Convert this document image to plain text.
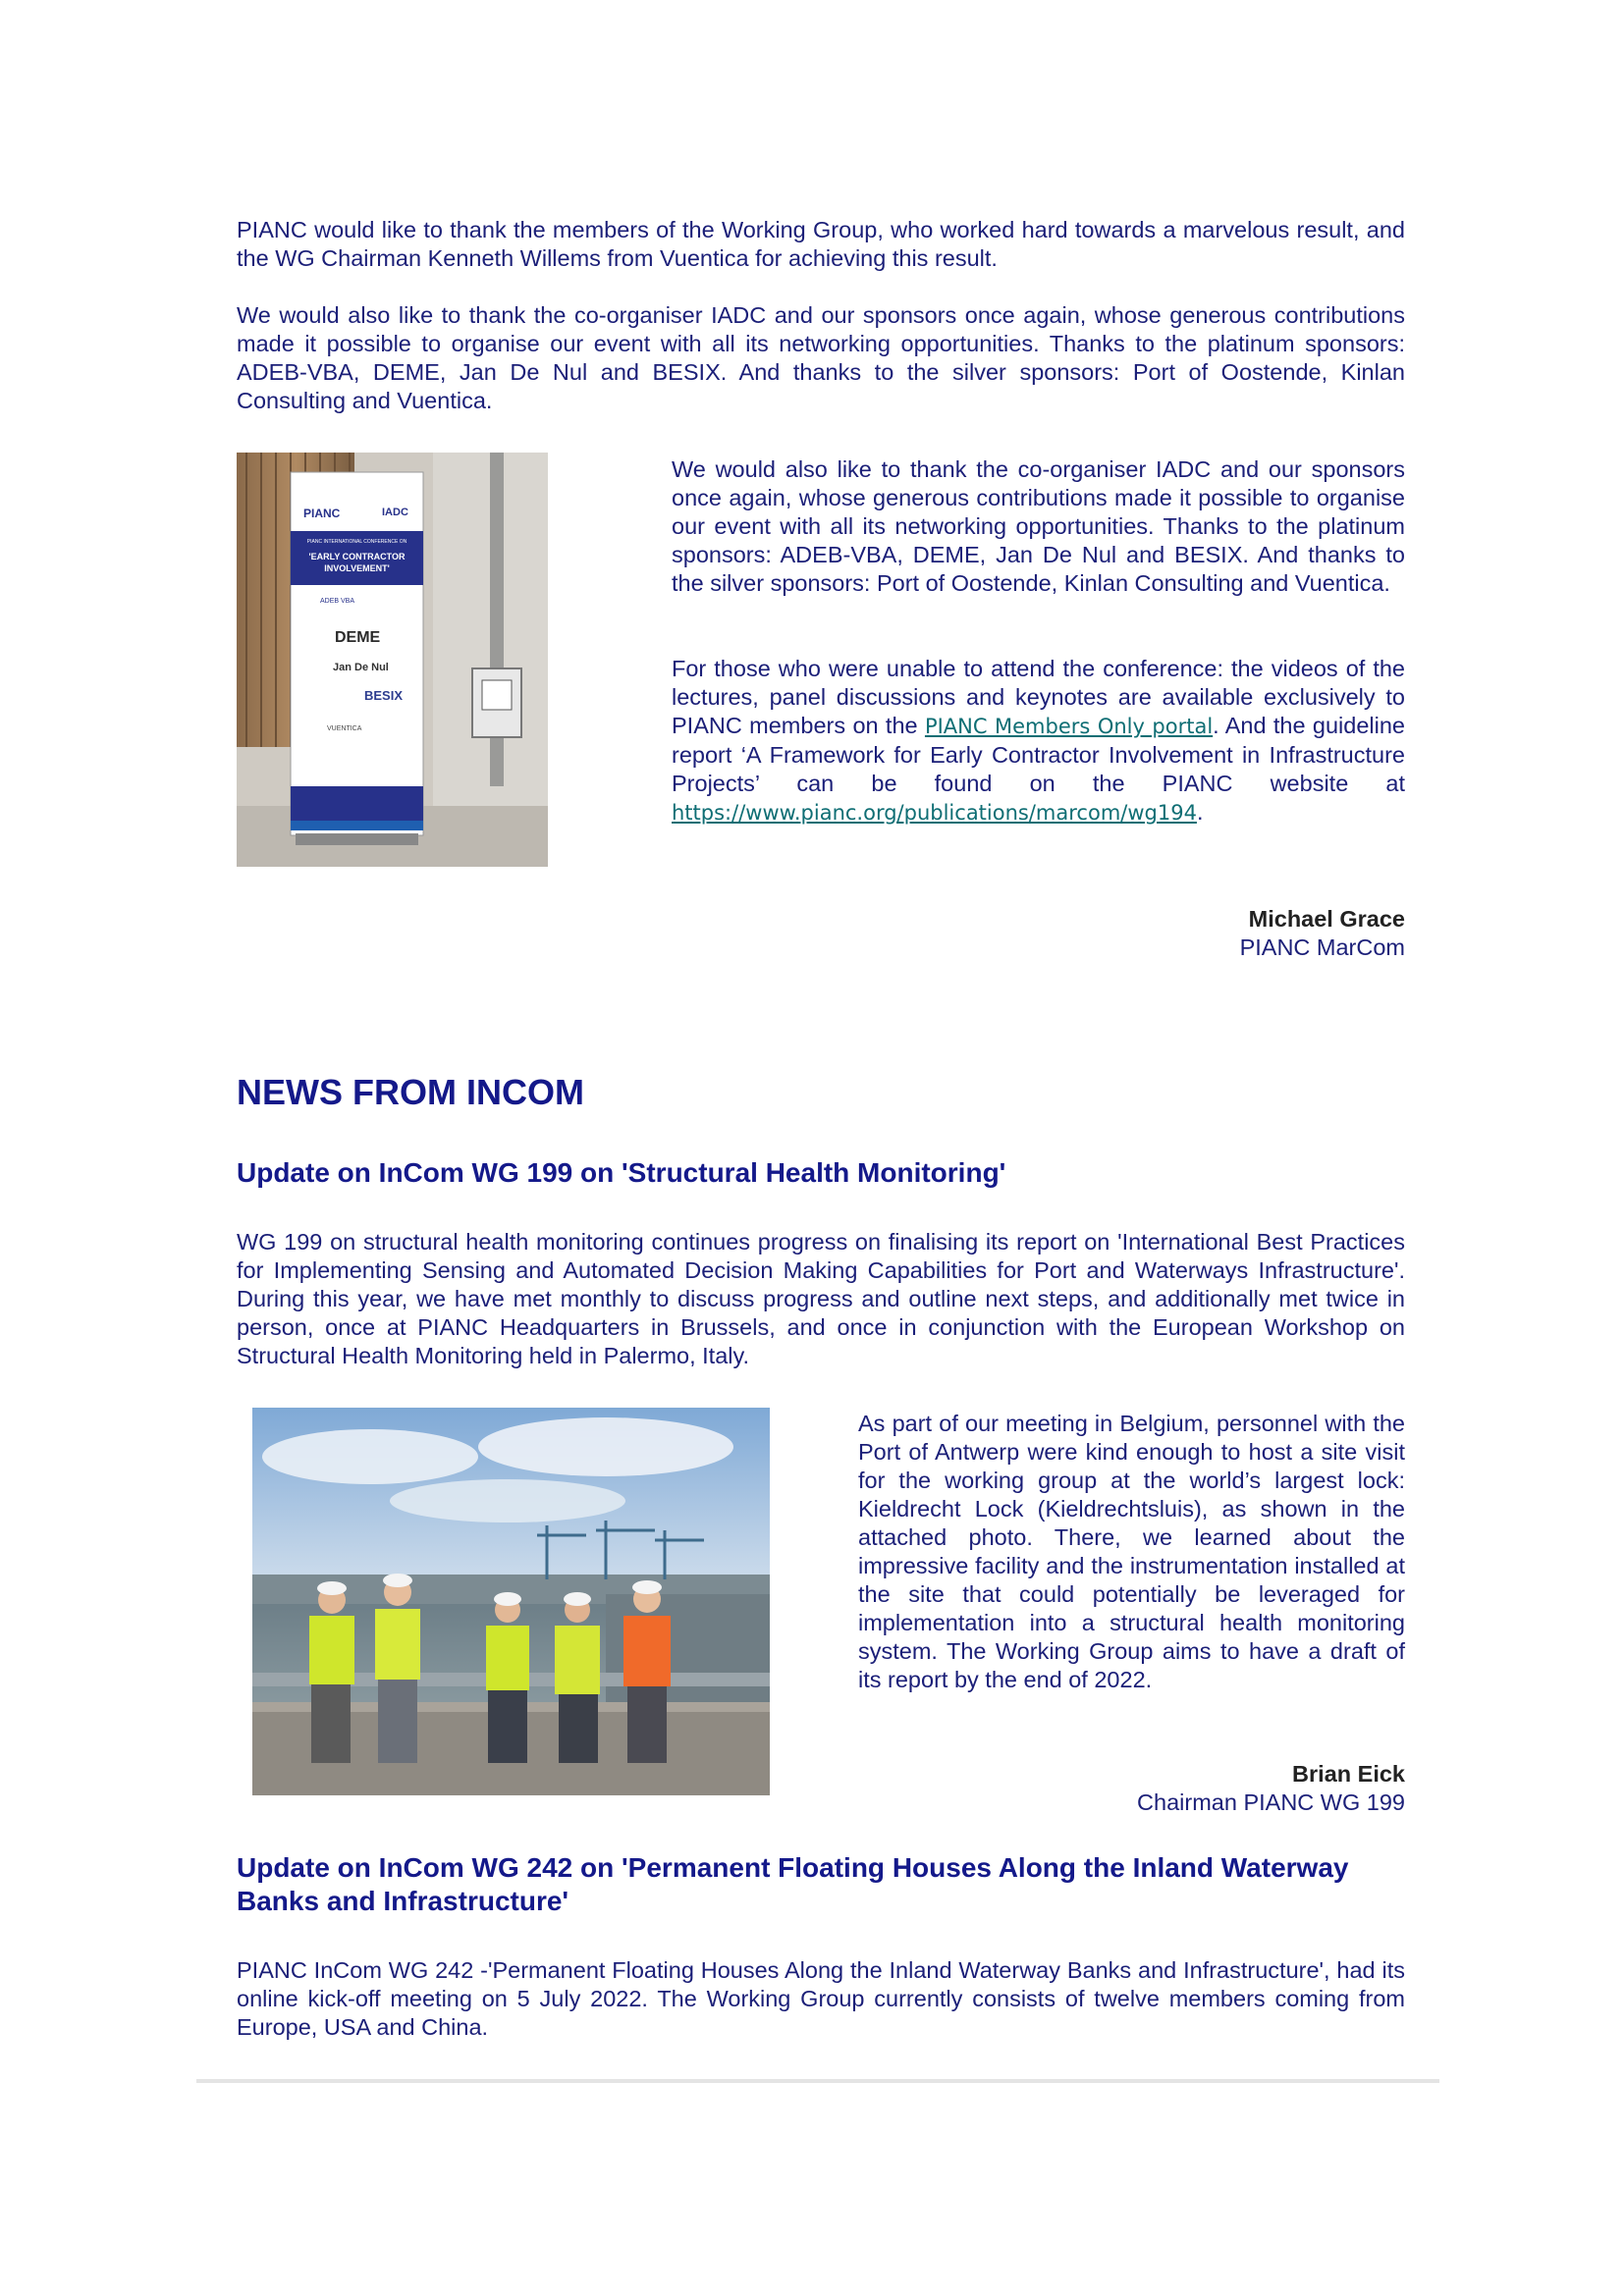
PIANC would like to thank the members of the Working Group, who worked hard towards a marvelous result, and the WG Chairman Kenneth Willems from Vuentica for achieving this result.

We would also like to thank the co-organiser IADC and our sponsors once again, whose generous contributions made it possible to organise our event with all its networking opportunities. Thanks to the platinum sponsors: ADEB-VBA, DEME, Jan De Nul and BESIX. And thanks to the silver sponsors: Port of Oostende, Kinlan Consulting and Vuentica.

PIANC	IADC
PIANC INTERNATIONAL CONFERENCE ON
'EARLY CONTRACTOR INVOLVEMENT'
ADEB VBA
DEME
Jan De Nul
BESIX
VUENTICA
Brussels, 6 October 2022

We would also like to thank the co-organiser IADC and our sponsors once again, whose generous contributions made it possible to organise our event with all its networking opportunities. Thanks to the platinum sponsors: ADEB-VBA, DEME, Jan De Nul and BESIX. And thanks to the silver sponsors: Port of Oostende, Kinlan Consulting and Vuentica.

For those who were unable to attend the conference: the videos of the lectures, panel discussions and keynotes are available exclusively to PIANC members on the PIANC Members Only portal. And the guideline report ‘A Framework for Early Contractor Involvement in Infrastructure Projects’ can be found on the PIANC website at https://www.pianc.org/publications/marcom/wg194.

Michael Grace
PIANC MarCom
NEWS FROM INCOM
Update on InCom WG 199 on 'Structural Health Monitoring'

WG 199 on structural health monitoring continues progress on finalising its report on 'International Best Practices for Implementing Sensing and Automated Decision Making Capabilities for Port and Waterways Infrastructure'. During this year, we have met monthly to discuss progress and outline next steps, and additionally met twice in person, once at PIANC Headquarters in Brussels, and once in conjunction with the European Workshop on Structural Health Monitoring held in Palermo, Italy.

As part of our meeting in Belgium, personnel with the Port of Antwerp were kind enough to host a site visit for the working group at the world’s largest lock: Kieldrecht Lock (Kieldrechtsluis), as shown in the attached photo. There, we learned about the impressive facility and the instrumentation installed at the site that could potentially be leveraged for implementation into a structural health monitoring system. The Working Group aims to have a draft of its report by the end of 2022.

Brian Eick
Chairman PIANC WG 199
Update on InCom WG 242 on 'Permanent Floating Houses Along the Inland Waterway Banks and Infrastructure'

PIANC InCom WG 242 -'Permanent Floating Houses Along the Inland Waterway Banks and Infrastructure', had its online kick-off meeting on 5 July 2022. The Working Group currently consists of twelve members coming from Europe, USA and China.
